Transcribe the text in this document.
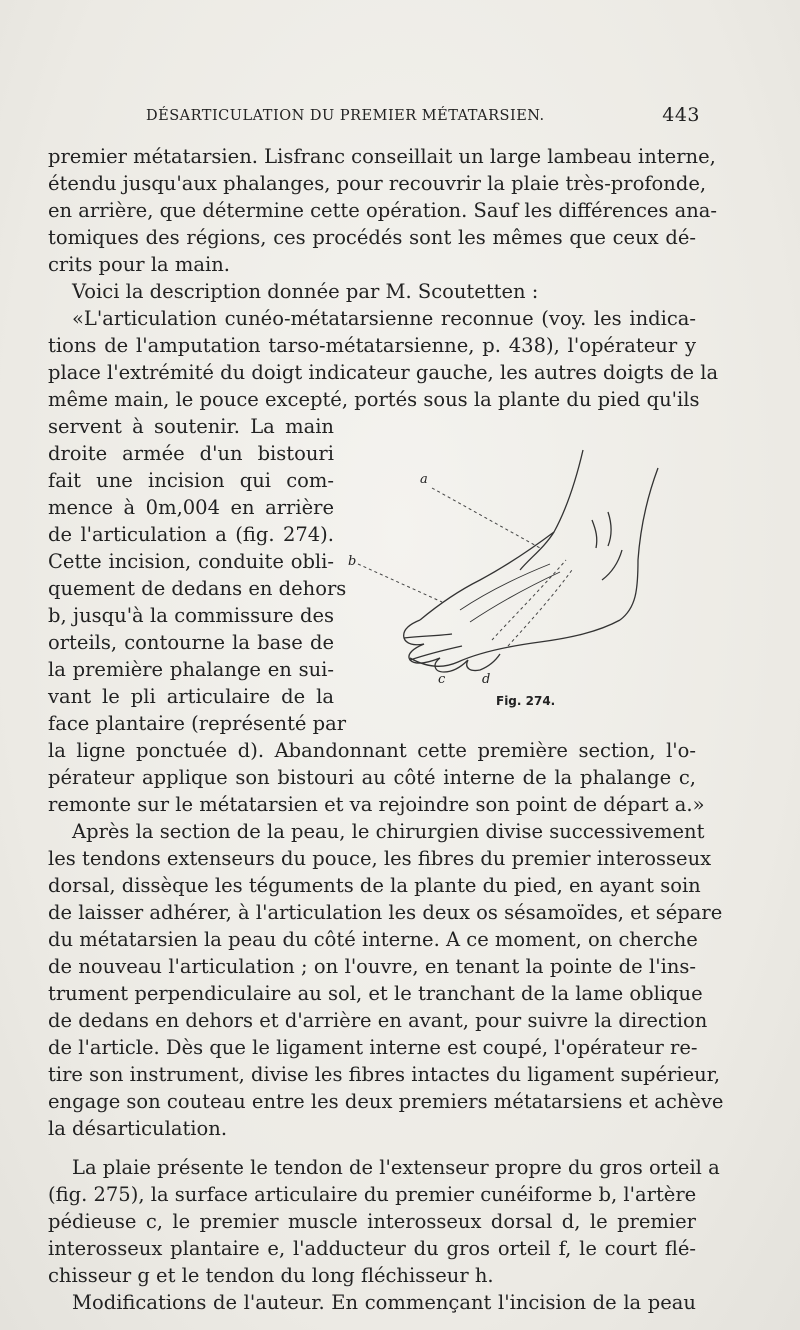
DÉSARTICULATION DU PREMIER MÉTATARSIEN.	443
premier métatarsien. Lisfranc conseillait un large lambeau interne,
étendu jusqu'aux phalanges, pour recouvrir la plaie très-profonde,
en arrière, que détermine cette opération. Sauf les différences ana-
tomiques des régions, ces procédés sont les mêmes que ceux dé-
crits pour la main.
Voici la description donnée par M. Scoutetten :
«L'articulation cunéo-métatarsienne reconnue (voy. les indica-
tions de l'amputation tarso-métatarsienne, p. 438), l'opérateur y
place l'extrémité du doigt indicateur gauche, les autres doigts de la
même main, le pouce excepté, portés sous la plante du pied qu'ils
servent à soutenir. La main
droite armée d'un bistouri
fait une incision qui com-
mence à 0m,004 en arrière
de l'articulation a (fig. 274).
Cette incision, conduite obli-
quement de dedans en dehors
b, jusqu'à la commissure des
orteils, contourne la base de
la première phalange en sui-
vant le pli articulaire de la
face plantaire (représenté par
la ligne ponctuée d). Abandonnant cette première section, l'o-
pérateur applique son bistouri au côté interne de la phalange c,
remonte sur le métatarsien et va rejoindre son point de départ a.»
Après la section de la peau, le chirurgien divise successivement
les tendons extenseurs du pouce, les fibres du premier interosseux
dorsal, dissèque les téguments de la plante du pied, en ayant soin
de laisser adhérer, à l'articulation les deux os sésamoïdes, et sépare
du métatarsien la peau du côté interne. A ce moment, on cherche
de nouveau l'articulation ; on l'ouvre, en tenant la pointe de l'ins-
trument perpendiculaire au sol, et le tranchant de la lame oblique
de dedans en dehors et d'arrière en avant, pour suivre la direction
de l'article. Dès que le ligament interne est coupé, l'opérateur re-
tire son instrument, divise les fibres intactes du ligament supérieur,
engage son couteau entre les deux premiers métatarsiens et achève
la désarticulation.
La plaie présente le tendon de l'extenseur propre du gros orteil a
(fig. 275), la surface articulaire du premier cunéiforme b, l'artère
pédieuse c, le premier muscle interosseux dorsal d, le premier
interosseux plantaire e, l'adducteur du gros orteil f, le court flé-
chisseur g et le tendon du long fléchisseur h.
Modifications de l'auteur. En commençant l'incision de la peau
a
b
c	d
Fig. 274.
